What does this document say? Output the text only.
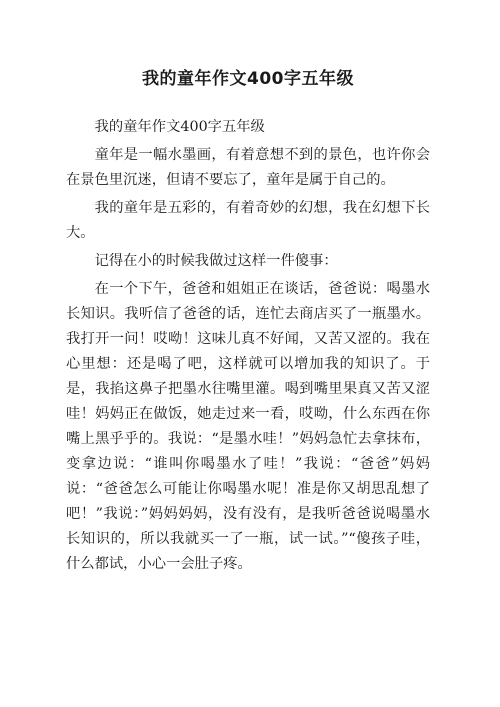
我的童年作文400字五年级

我的童年作文400字五年级

童年是一幅水墨画，有着意想不到的景色，也许你会在景色里沉迷，但请不要忘了，童年是属于自己的。

我的童年是五彩的，有着奇妙的幻想，我在幻想下长大。

记得在小的时候我做过这样一件傻事：

在一个下午，爸爸和姐姐正在谈话，爸爸说：喝墨水长知识。我听信了爸爸的话，连忙去商店买了一瓶墨水。我打开一问！哎呦！这味儿真不好闻，又苦又涩的。我在心里想：还是喝了吧，这样就可以增加我的知识了。于是，我掐这鼻子把墨水往嘴里灌。喝到嘴里果真又苦又涩哇！妈妈正在做饭，她走过来一看，哎呦，什么东西在你嘴上黑乎乎的。我说：“是墨水哇！”妈妈急忙去拿抹布，变拿边说：“谁叫你喝墨水了哇！”我说：“爸爸”妈妈说：“爸爸怎么可能让你喝墨水呢！准是你又胡思乱想了吧！”我说：”妈妈妈妈，没有没有，是我听爸爸说喝墨水长知识的，所以我就买一了一瓶，试一试。”“傻孩子哇，什么都试，小心一会肚子疼。
